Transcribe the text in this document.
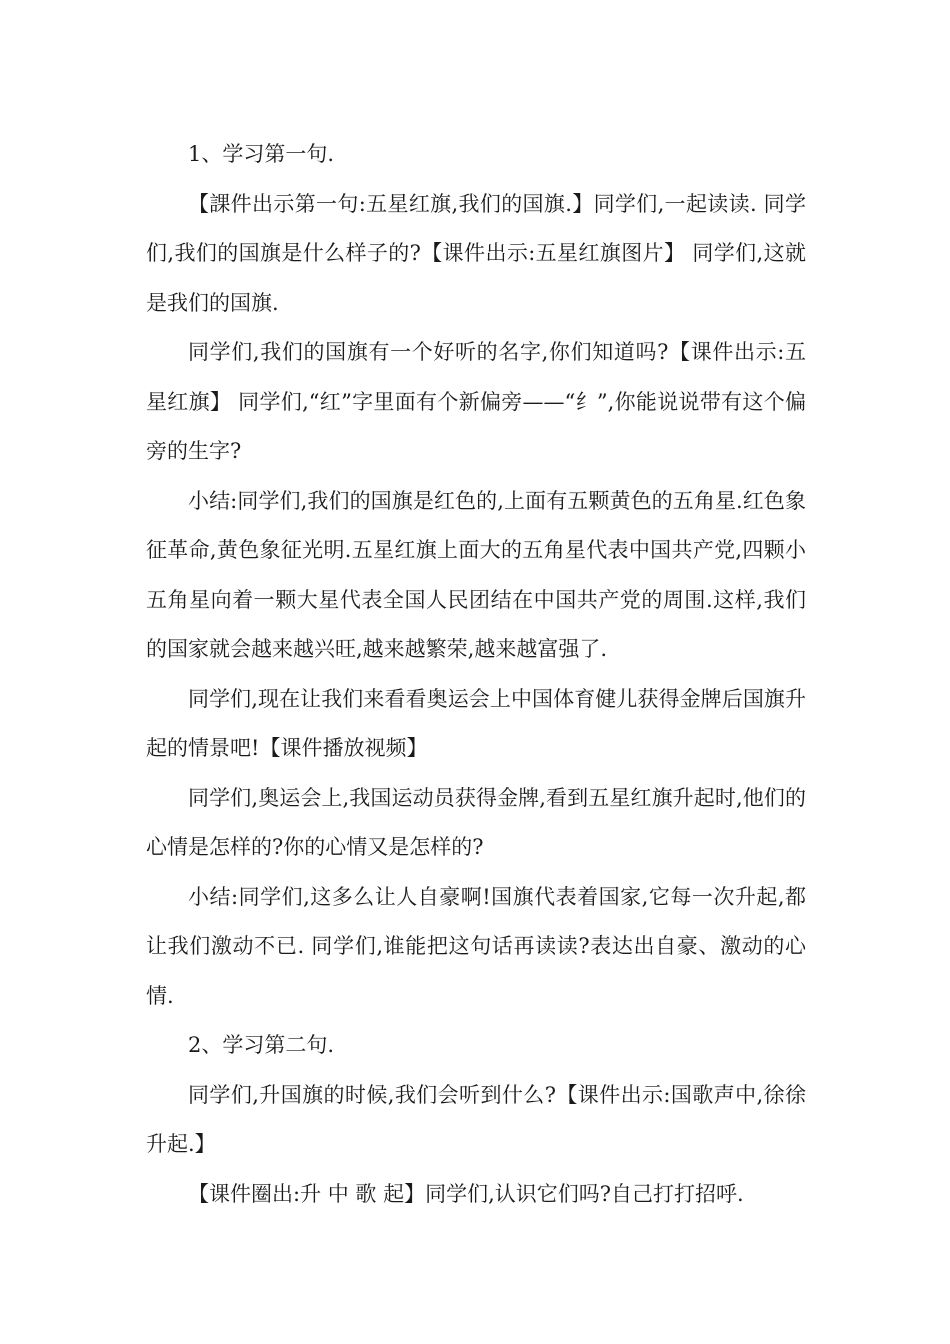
1、学习第一句.

【課件出示第一句:五星红旗,我们的国旗.】同学们,一起读读. 同学们,我们的国旗是什么样子的?【课件出示:五星红旗图片】 同学们,这就是我们的国旗.

同学们,我们的国旗有一个好听的名字,你们知道吗?【课件出示:五星红旗】 同学们,“红”字里面有个新偏旁——“纟”,你能说说带有这个偏旁的生字?

小结:同学们,我们的国旗是红色的,上面有五颗黄色的五角星.红色象征革命,黄色象征光明.五星红旗上面大的五角星代表中国共产党,四颗小五角星向着一颗大星代表全国人民团结在中国共产党的周围.这样,我们的国家就会越来越兴旺,越来越繁荣,越来越富强了.

同学们,现在让我们来看看奥运会上中国体育健儿获得金牌后国旗升起的情景吧!【课件播放视频】

同学们,奥运会上,我国运动员获得金牌,看到五星红旗升起时,他们的心情是怎样的?你的心情又是怎样的?

小结:同学们,这多么让人自豪啊!国旗代表着国家,它每一次升起,都让我们激动不已. 同学们,谁能把这句话再读读?表达出自豪、激动的心情.

2、学习第二句.

同学们,升国旗的时候,我们会听到什么?【课件出示:国歌声中,徐徐升起.】

【课件圈出:升 中 歌 起】同学们,认识它们吗?自己打打招呼.
